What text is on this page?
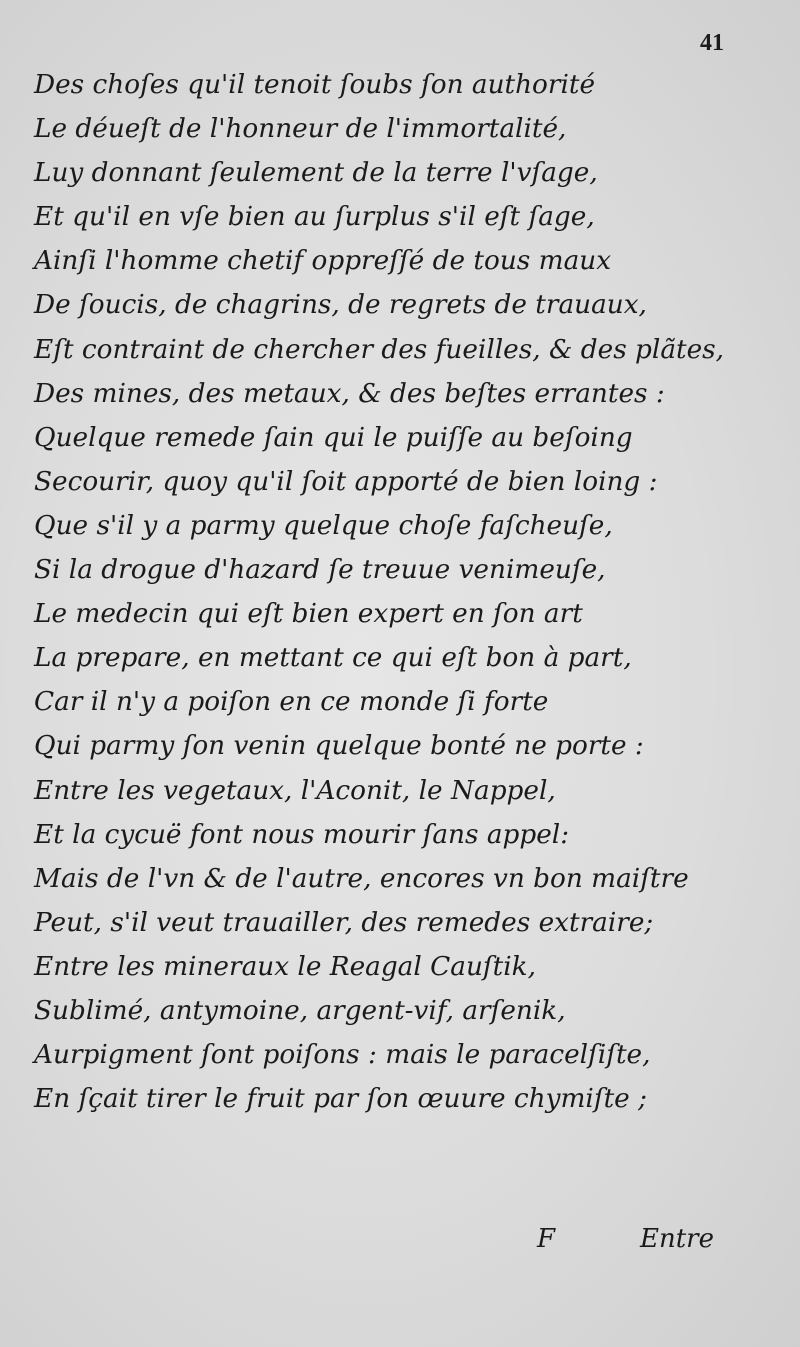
41
Des choſes qu'il tenoit ſoubs ſon authorité
Le déueſt de l'honneur de l'immortalité,
Luy donnant ſeulement de la terre l'vſage,
Et qu'il en vſe bien au ſurplus s'il eſt ſage,
Ainſi l'homme chetif oppreſſé de tous maux
De ſoucis, de chagrins, de regrets de trauaux,
Eſt contraint de chercher des fueilles, & des plãtes,
Des mines, des metaux, & des beſtes errantes :
Quelque remede ſain qui le puiſſe au beſoing
Secourir, quoy qu'il ſoit apporté de bien loing :
Que s'il y a parmy quelque choſe faſcheuſe,
Si la drogue d'hazard ſe treuue venimeuſe,
Le medecin qui eſt bien expert en ſon art
La prepare, en mettant ce qui eſt bon à part,
Car il n'y a poiſon en ce monde ſi forte
Qui parmy ſon venin quelque bonté ne porte :
Entre les vegetaux, l'Aconit, le Nappel,
Et la cycuë font nous mourir ſans appel:
Mais de l'vn & de l'autre, encores vn bon maiſtre
Peut, s'il veut trauailler, des remedes extraire;
Entre les mineraux le Reagal Cauſtik,
Sublimé, antymoine, argent-vif, arſenik,
Aurpigment ſont poiſons : mais le paracelſiſte,
En ſçait tirer le fruit par ſon œuure chymiſte ;
F	Entre
